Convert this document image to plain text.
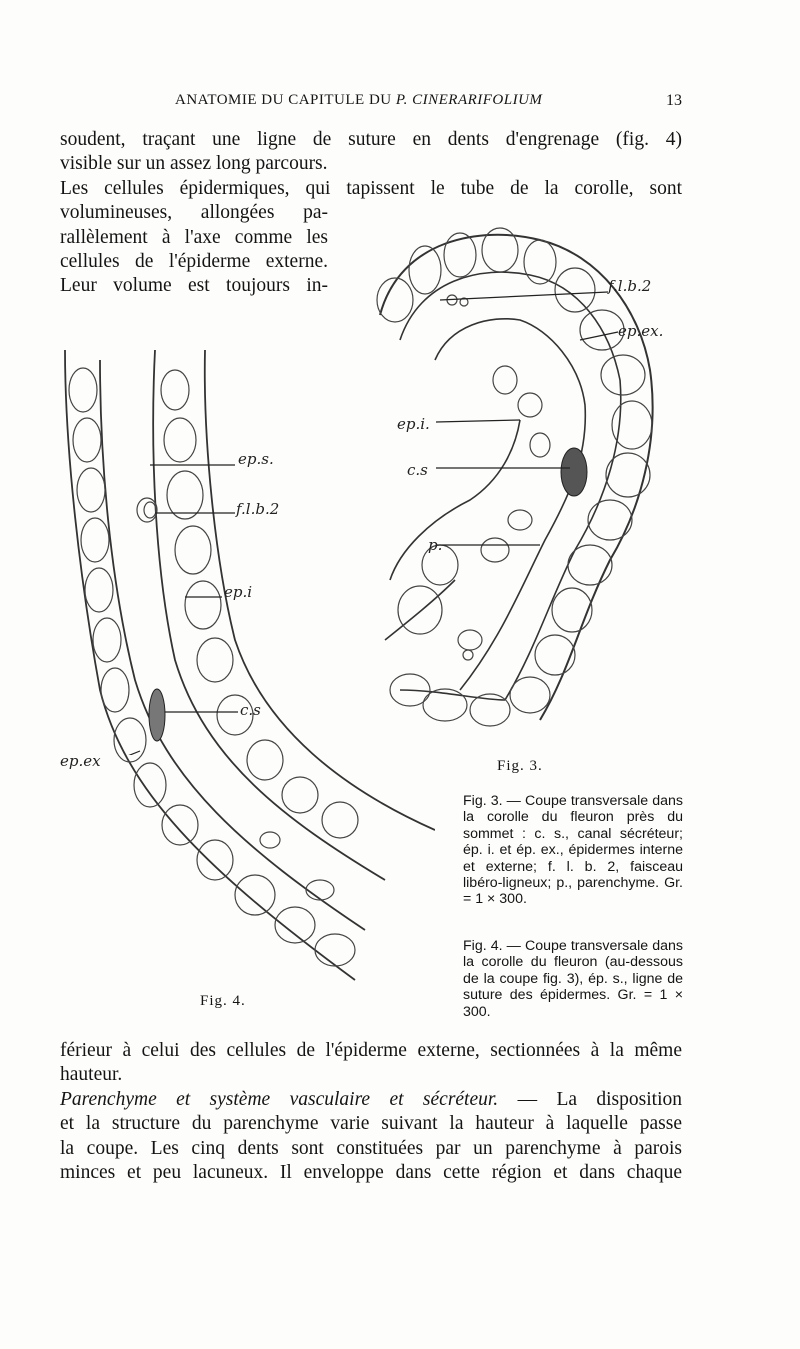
ANATOMIE DU CAPITULE DU P. CINERARIFOLIUM	13
soudent, traçant une ligne de suture en dents d'engrenage (fig. 4)
visible sur un assez long parcours.
Les cellules épidermiques, qui tapissent le tube de la corolle, sont
volumineuses, allongées pa-
rallèlement à l'axe comme les
cellules de l'épiderme externe.
Leur volume est toujours in-	f.l.b.2
ep.ex.
ep.i.
c.s
p.
Fig. 3.
ep.s.
f.l.b.2
ep.i
c.s
ep.ex
Fig. 4.
Fig. 3. — Coupe transversale dans la corolle du fleuron près du sommet : c. s., canal sécréteur; ép. i. et ép. ex., épidermes interne et externe; f. l. b. 2, faisceau libéro-ligneux; p., parenchyme. Gr. = 1 × 300.
Fig. 4. — Coupe transversale dans la corolle du fleuron (au-dessous de la coupe fig. 3), ép. s., ligne de suture des épidermes. Gr. = 1 × 300.
férieur à celui des cellules de l'épiderme externe, sectionnées à la même
hauteur.
Parenchyme et système vasculaire et sécréteur. — La disposition
et la structure du parenchyme varie suivant la hauteur à laquelle passe
la coupe. Les cinq dents sont constituées par un parenchyme à parois
minces et peu lacuneux. Il enveloppe dans cette région et dans chaque
